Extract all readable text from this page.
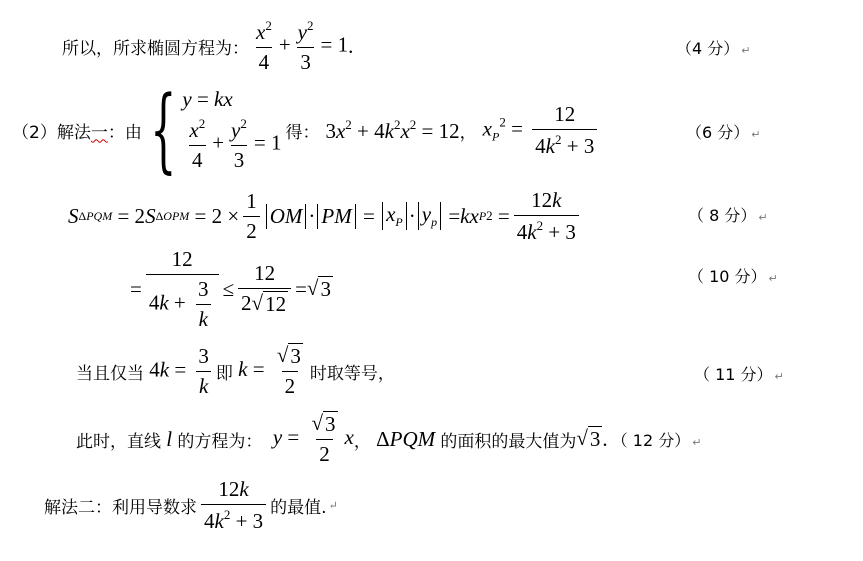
所以，所求椭圆方程为： $\frac{x^2}{4} + \frac{y^2}{3} = 1$ .	（4 分） ↵
（2）解法 一 ：由 { y = kx
$\frac{x^2}{4} + \frac{y^2}{3} = 1$ 得： $3x^2 + 4k^2x^2 = 12$ ， $x_P^2 = \frac{12}{4k^2 + 3}$	（6 分） ↵
S ΔPQM = 2 S $\Delta OPM = 2 \times \frac{1}{2}$ OM · PM = $x_P \cdot y_p$ = kx P $2 = \frac{12k}{4k^2 + 3}$	（ 8 分） ↵
= $\frac{12}{4k + \frac{3}{k}} \le \frac{12}{2 √ 12}$ = √ 3
（ 10 分） ↵
当且仅当 $4k = \frac{3}{k}$ 即 $k = \frac{√ 3}{2}$ 时取等号，	（ 11 分） ↵
此时，直线 l 的方程为： $y = \frac{√ 3}{2}$ x ， ΔPQM 的面积的最大值为 √ 3 . （ 12 分） ↵
解法二：利用导数求 $\frac{12k}{4k^2 + 3}$ 的最值. ↵
